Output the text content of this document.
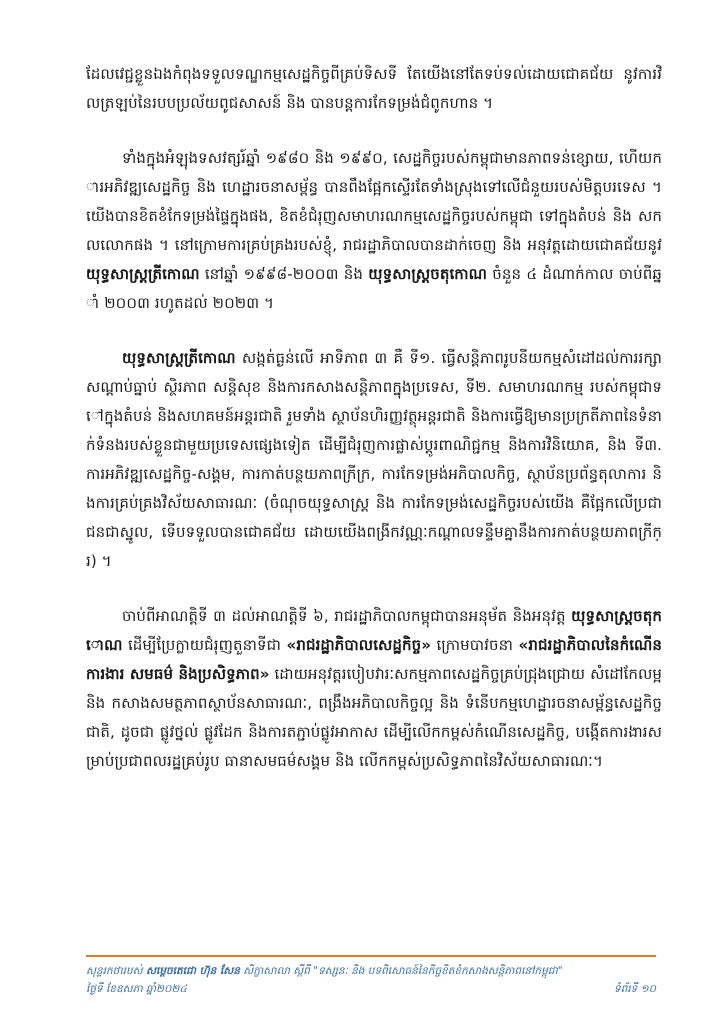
ដែលវេជ្ជខ្លួនឯងកំពុងទទួលទណ្ឌកម្មសេដ្ឋកិច្ចពីគ្រប់ទិសទី តែយើងនៅតែទប់ទល់ដោយជោគជ័យ នូវការវិលត្រឡប់នៃរបបប្រល័យពូជសាសន៍ និង បានបន្តការកែទម្រង់ជំពូកហាន ។

ទាំងក្នុងអំឡុងទសវត្សរ៍ឆ្នាំ ១៩៨០ និង ១៩៩០, សេដ្ឋកិច្ចរបស់កម្ពុជាមានភាពទន់ខ្សោយ, ហើយការអភិវឌ្ឍសេដ្ឋកិច្ច និង ហេដ្ឋារចនាសម្ព័ន្ធ បានពឹងផ្អែកស្ទើរតែទាំងស្រុងទៅលើជំនួយរបស់មិត្តបរទេស ។ យើងបានខិតខំកែទម្រង់ផ្ទៃក្នុងផង, ខិតខំជំរុញសមាហរណកម្មសេដ្ឋកិច្ចរបស់កម្ពុជា ទៅក្នុងតំបន់ និង សកលលោកផង ។ នៅក្រោមការគ្រប់គ្រងរបស់ខ្ញុំ, រាជរដ្ឋាភិបាលបានដាក់ចេញ និង អនុវត្តដោយជោគជ័យនូវ យុទ្ធសាស្ត្រត្រីកោណ នៅឆ្នាំ ១៩៩៨-២០០៣ និង យុទ្ធសាស្ត្រចតុកោណ ចំនួន ៤ ដំណាក់កាល ចាប់ពីឆ្នាំ ២០០៣ រហូតដល់ ២០២៣ ។

យុទ្ធសាស្ត្រត្រីកោណ សង្កត់ធ្ងន់លើ អាទិភាព ៣ គឺ ទី១. ធ្វើសន្តិភាពរូបនីយកម្មសំដៅដល់ការរក្សាសណ្តាប់ធ្នាប់ ស្ថិរភាព សន្តិសុខ និងការកសាងសន្តិភាពក្នុងប្រទេស, ទី២. សមាហរណកម្ម របស់កម្ពុជាទៅក្នុងតំបន់ និងសហគមន៍អន្តរជាតិ រួមទាំង ស្ថាប័នហិរញ្ញវត្ថុអន្តរជាតិ និងការធ្វើឱ្យមានប្រក្រតីភាពនៃទំនាក់ទំនងរបស់ខ្លួនជាមួយប្រទេសផ្សេងទៀត ដើម្បីជំរុញការផ្លាស់ប្តូរពាណិជ្ជកម្ម និងការវិនិយោគ, និង ទី៣. ការអភិវឌ្ឍសេដ្ឋកិច្ច-សង្គម, ការកាត់បន្ថយភាពក្រីក្រ, ការកែទម្រង់អភិបាលកិច្ច, ស្ថាប័នប្រព័ន្ធតុលាការ និងការគ្រប់គ្រងវិស័យសាធារណៈ (ចំណុចយុទ្ធសាស្ត្រ និង ការកែទម្រង់សេដ្ឋកិច្ចរបស់យើង គឺផ្អែកលើប្រជាជនជាស្នូល, ទើបទទួលបានជោគជ័យ ដោយយើងពង្រីកវណ្ណៈកណ្តាលទន្ទឹមគ្នានឹងការកាត់បន្ថយភាពក្រីក្រ) ។

ចាប់ពីអាណត្តិទី ៣ ដល់អាណត្តិទី ៦, រាជរដ្ឋាភិបាលកម្ពុជាបានអនុម័ត និងអនុវត្ត យុទ្ធសាស្ត្រចតុកោណ ដើម្បីប្រែក្លាយជំរុញតួនាទីជា «រាជរដ្ឋាភិបាលសេដ្ឋកិច្ច» ក្រោមបាវចនា «រាជរដ្ឋាភិបាលនៃកំណើន ការងារ សមធម៌ និងប្រសិទ្ធភាព» ដោយអនុវត្តរបៀបវារៈសកម្មភាពសេដ្ឋកិច្ចគ្រប់ជ្រុងជ្រោយ សំដៅកែលម្អ និង កសាងសមត្ថភាពស្ថាប័នសាធារណៈ, ពង្រឹងអភិបាលកិច្ចល្អ និង ទំនើបកម្មហេដ្ឋារចនាសម្ព័ន្ធសេដ្ឋកិច្ចជាតិ, ដូចជា ផ្លូវថ្នល់ ផ្លូវដែក និងការតភ្ជាប់ផ្លូវអាកាស ដើម្បីលើកកម្ពស់កំណើនសេដ្ឋកិច្ច, បង្កើតការងារសម្រាប់ប្រជាពលរដ្ឋគ្រប់រូប ធានាសមធម៌សង្គម និង លើកកម្ពស់ប្រសិទ្ធភាពនៃវិស័យសាធារណៈ។

សុន្ទរកថារបស់ សម្តេចតេជោ ហ៊ុន សែន សិក្ខាសាលា ស្តីពី "ទស្សនៈ និង បទពិសោធន៍នៃកិច្ចខិតខំកសាងសន្តិភាពនៅកម្ពុជា"
ថ្ងៃទី ខែឧសភា ឆ្នាំ២០២៤	ទំព័រទី ១០
